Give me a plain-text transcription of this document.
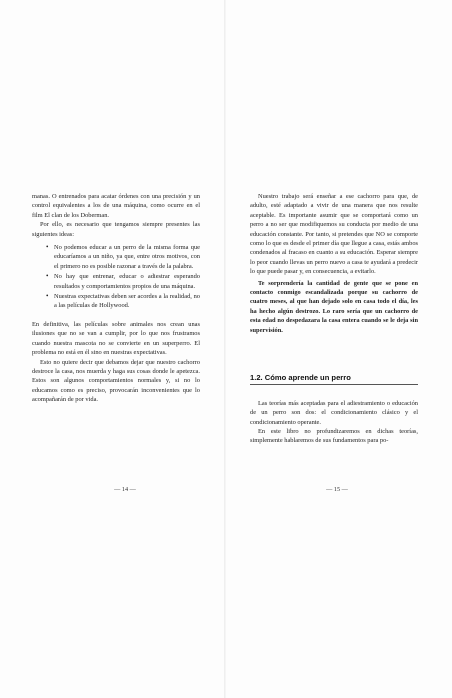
manas. O entrenados para acatar órdenes con una precisión y un control equivalentes a los de una máquina, como ocurre en el film El clan de los Doberman.

Por ello, es necesario que tengamos siempre presentes las siguientes ideas:

• No podemos educar a un perro de la misma forma que educaríamos a un niño, ya que, entre otros motivos, con el primero no es posible razonar a través de la palabra.
• No hay que entrenar, educar o adiestrar esperando resultados y comportamientos propios de una máquina.
• Nuestras expectativas deben ser acordes a la realidad, no a las películas de Hollywood.

En definitiva, las películas sobre animales nos crean unas ilusiones que no se van a cumplir, por lo que nos frustramos cuando nuestra mascota no se convierte en un superperro. El problema no está en él sino en nuestras expectativas.

Esto no quiere decir que debamos dejar que nuestro cachorro destroce la casa, nos muerda y haga sus cosas donde le apetezca. Estos son algunos comportamientos normales y, si no lo educamos como es preciso, provocarán inconvenientes que lo acompañarán de por vida.

— 14 —

Nuestro trabajo será enseñar a ese cachorro para que, de adulto, esté adaptado a vivir de una manera que nos resulte aceptable. Es importante asumir que se comportará como un perro a no ser que modifiquemos su conducta por medio de una educación constante. Por tanto, si pretendes que NO se comporte como lo que es desde el primer día que llegue a casa, estás ambos condenados al fracaso en cuanto a su educación. Esperar siempre lo peor cuando llevas un perro nuevo a casa te ayudará a predecir lo que puede pasar y, en consecuencia, a evitarlo.

Te sorprendería la cantidad de gente que se pone en contacto conmigo escandalizada porque su cachorro de cuatro meses, al que han dejado solo en casa todo el día, les ha hecho algún destrozo. Lo raro sería que un cachorro de esta edad no despedazara la casa entera cuando se le deja sin supervisión.

1.2. Cómo aprende un perro

Las teorías más aceptadas para el adiestramiento o educación de un perro son dos: el condicionamiento clásico y el condicionamiento operante.

En este libro no profundizaremos en dichas teorías, simplemente hablaremos de sus fundamentos para po-

— 15 —
